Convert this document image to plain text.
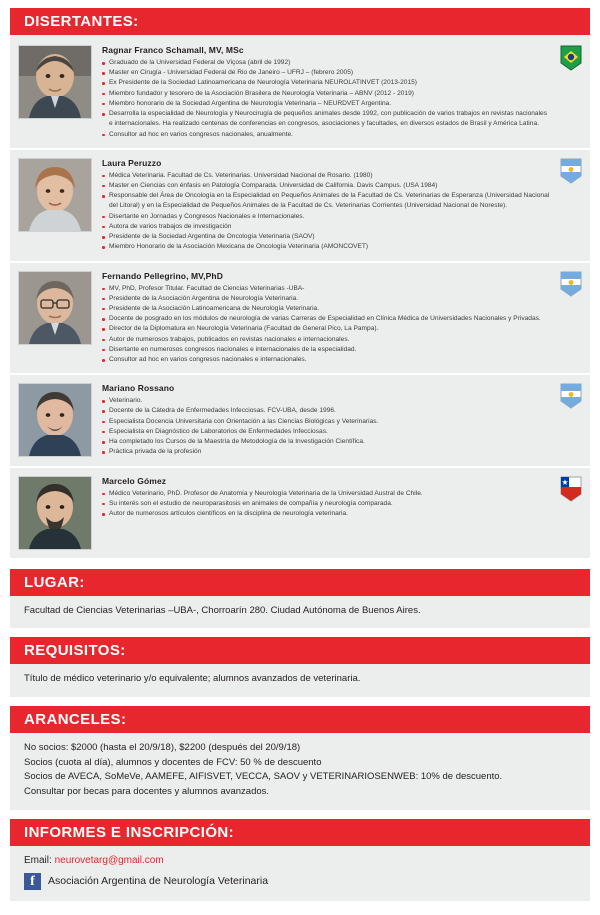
DISERTANTES:
Ragnar Franco Schamall, MV, MSc
Graduado de la Universidad Federal de Viçosa (abril de 1992)
Master en Cirugía - Universidad Federal de Rio de Janeiro – UFRJ – (febrero 2005)
Ex Presidente de la Sociedad Latinoamericana de Neurología Veterinaria NEUROLATINVET (2013-2015)
Miembro fundador y tesorero de la Asociación Brasilera de Neurología Veterinaria – ABNV (2012 - 2019)
Miembro honorario de la Sociedad Argentina de Neurología Veterinaria – NEURDVET Argentina.
Desarrolla la especialidad de Neurología y Neurocirugía de pequeños animales desde 1992, con publicación de varios trabajos en revistas nacionales e internacionales. Ha realizado centenas de conferencias en congresos, asociaciones y facultades, en diversos estados de Brasil y América Latina.
Consultor ad hoc en varios congresos nacionales, anualmente.
Laura Peruzzo
Médica Veterinaria. Facultad de Cs. Veterinarias. Universidad Nacional de Rosario. (1980)
Master en Ciencias con énfasis en Patología Comparada. Universidad de California. Davis Campus. (USA 1984)
Responsable del Área de Oncología en la Especialidad en Pequeños Animales de la Facultad de Cs. Veterinarias de Esperanza (Universidad Nacional del Litoral) y en la Especialidad de Pequeños Animales de la Facultad de Cs. Veterinarias Corrientes (Universidad Nacional de Noreste).
Disertante en Jornadas y Congresos Nacionales e Internacionales.
Autora de varios trabajos de investigación
Presidente de la Sociedad Argentina de Oncología Veterinaria (SAOV)
Miembro Honorario de la Asociación Mexicana de Oncología Veterinaria (AMONCOVET)
Fernando Pellegrino, MV,PhD
MV, PhD, Profesor Titular. Facultad de Ciencias Veterinarias -UBA-
Presidente de la Asociación Argentina de Neurología Veterinaria.
Presidente de la Asociación Latinoamericana de Neurología Veterinaria.
Docente de posgrado en los módulos de neurología de varias Carreras de Especialidad en Clínica Médica de Universidades Nacionales y Privadas.
Director de la Diplomatura en Neurología Veterinaria (Facultad de General Pico, La Pampa).
Autor de numerosos trabajos, publicados en revistas nacionales e internacionales.
Disertante en numerosos congresos nacionales e internacionales de la especialidad.
Consultor ad hoc en varios congresos nacionales e internacionales.
Mariano Rossano
Veterinario.
Docente de la Cátedra de Enfermedades Infecciosas. FCV-UBA, desde 1996.
Especialista Docencia Universitaria con Orientación a las Ciencias Biológicas y Veterinarias.
Especialista en Diagnóstico de Laboratorios de Enfermedades Infecciosas.
Ha completado los Cursos de la Maestría de Metodología de la Investigación Científica.
Práctica privada de la profesión
Marcelo Gómez
Médico Veterinario, PhD. Profesor de Anatomía y Neurología Veterinaria de la Universidad Austral de Chile.
Su interés son el estudio de neuroparasitosis en animales de compañía y neurología comparada.
Autor de numerosos artículos científicos en la disciplina de neurología veterinaria.
LUGAR:

Facultad de Ciencias Veterinarias –UBA-, Chorroarín 280. Ciudad Autónoma de Buenos Aires.

REQUISITOS:

Título de médico veterinario y/o equivalente; alumnos avanzados de veterinaria.

ARANCELES:

No socios: $2000 (hasta el 20/9/18), $2200 (después del 20/9/18)

Socios (cuota al día), alumnos y docentes de FCV: 50 % de descuento

Socios de AVECA, SoMeVe, AAMEFE, AIFISVET, VECCA, SAOV y VETERINARIOSENWEB: 10% de descuento.

Consultar por becas para docentes y alumnos avanzados.

INFORMES E INSCRIPCIÓN:
Email: neurovetarg@gmail.com
f	Asociación Argentina de Neurología Veterinaria
